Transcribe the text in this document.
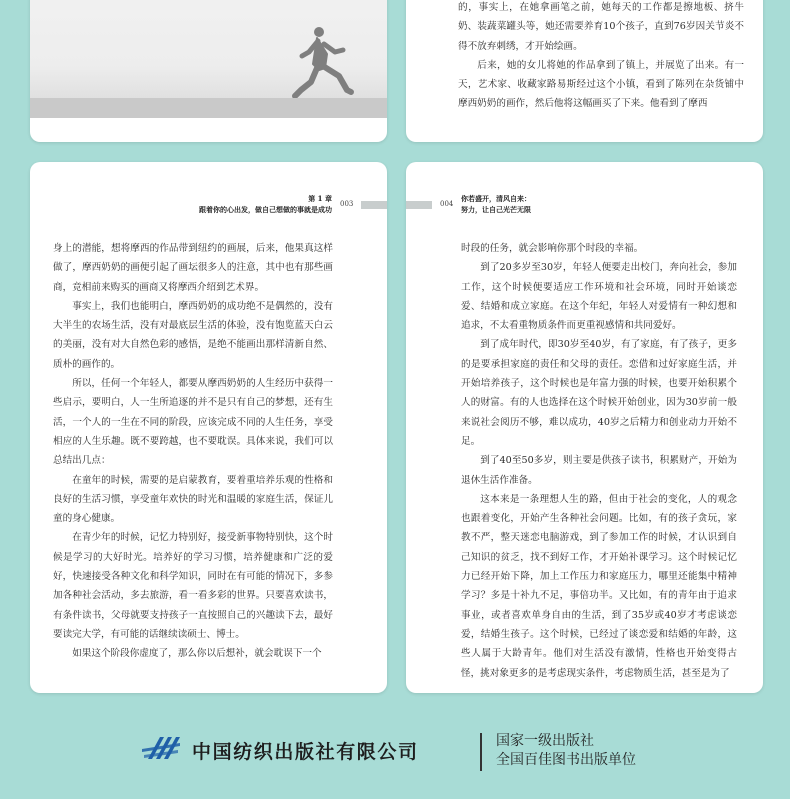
的，事实上，在她拿画笔之前，她每天的工作都是擦地板、挤牛奶、装蔬菜罐头等，她还需要养育10个孩子，直到76岁因关节炎不得不放弃刺绣，才开始绘画。

后来，她的女儿将她的作品拿到了镇上，并展览了出来。有一天，艺术家、收藏家路易斯经过这个小镇，看到了陈列在杂货铺中摩西奶奶的画作，然后他将这幅画买了下来。他看到了摩西

第 1 章
跟着你的心出发，做自己想做的事就是成功
003

身上的潜能，想将摩西的作品带到纽约的画展，后来，他果真这样做了，摩西奶奶的画便引起了画坛很多人的注意，其中也有那些画商，竞相前来购买的画商又将摩西介绍到艺术界。

事实上，我们也能明白，摩西奶奶的成功绝不是偶然的，没有大半生的农场生活，没有对最底层生活的体验，没有饱览蓝天白云的美丽，没有对大自然色彩的感悟，是绝不能画出那样清新自然、质朴的画作的。

所以，任何一个年轻人，都要从摩西奶奶的人生经历中获得一些启示，要明白，人一生所追逐的并不是只有自己的梦想，还有生活，一个人的一生在不同的阶段，应该完成不同的人生任务，享受相应的人生乐趣。既不要跨越，也不要耽误。具体来说，我们可以总结出几点：

在童年的时候，需要的是启蒙教育，要着重培养乐观的性格和良好的生活习惯，享受童年欢快的时光和温暖的家庭生活，保证儿童的身心健康。

在青少年的时候，记忆力特别好，接受新事物特别快，这个时候是学习的大好时光。培养好的学习习惯，培养健康和广泛的爱好，快速接受各种文化和科学知识，同时在有可能的情况下，多参加各种社会活动，多去旅游，看一看多彩的世界。只要喜欢读书，有条件读书，父母就要支持孩子一直按照自己的兴趣读下去，最好要读完大学，有可能的话继续读硕士、博士。

如果这个阶段你虚度了，那么你以后想补，就会耽误下一个

004
你若盛开，清风自来：
努力，让自己光芒无限

时段的任务，就会影响你那个时段的幸福。

到了20多岁至30岁，年轻人便要走出校门，奔向社会，参加工作，这个时候便要适应工作环境和社会环境，同时开始谈恋爱、结婚和成立家庭。在这个年纪，年轻人对爱情有一种幻想和追求，不太看重物质条件而更重视感情和共同爱好。

到了成年时代，即30岁至40岁，有了家庭，有了孩子，更多的是要承担家庭的责任和父母的责任。恋借和过好家庭生活，并开始培养孩子，这个时候也是年富力强的时候，也要开始积累个人的财富。有的人也选择在这个时候开始创业，因为30岁前一般来说社会阅历不够，难以成功，40岁之后精力和创业动力开始不足。

到了40至50多岁，则主要是供孩子读书，积累财产，开始为退休生活作准备。

这本来是一条理想人生的路，但由于社会的变化，人的观念也跟着变化，开始产生各种社会问题。比如，有的孩子贪玩，家教不严，整天迷恋电脑游戏，到了参加工作的时候，才认识到自己知识的贫乏，找不到好工作，才开始补课学习。这个时候记忆力已经开始下降，加上工作压力和家庭压力，哪里还能集中精神学习？多是十补九不足，事倍功半。又比如，有的青年由于追求事业，或者喜欢单身自由的生活，到了35岁或40岁才考虑谈恋爱，结婚生孩子。这个时候，已经过了谈恋爱和结婚的年龄，这些人属于大龄青年。他们对生活没有激情，性格也开始变得古怪，挑对象更多的是考虑现实条件，考虑物质生活，甚至是为了

中国纺织出版社有限公司	国家一级出版社
全国百佳图书出版单位
